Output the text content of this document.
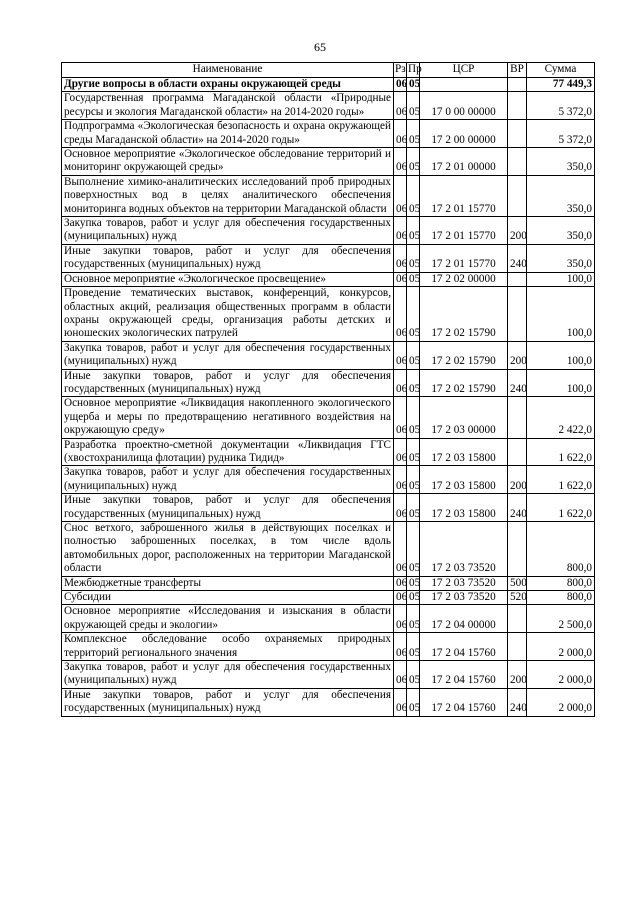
65
Наименование	Рз	Пр	ЦСР	ВР	Сумма
Другие вопросы в области охраны окружающей среды	06	05			77 449,3
Государственная программа Магаданской области «Природные ресурсы и экология Магаданской области» на 2014-2020 годы»	06	05	17 0 00 00000		5 372,0
Подпрограмма «Экологическая безопасность и охрана окружающей среды Магаданской области» на 2014-2020 годы»	06	05	17 2 00 00000		5 372,0
Основное мероприятие «Экологическое обследование территорий и мониторинг окружающей среды»	06	05	17 2 01 00000		350,0
Выполнение химико-аналитических исследований проб природных поверхностных вод в целях аналитического обеспечения мониторинга водных объектов на территории Магаданской области	06	05	17 2 01 15770		350,0
Закупка товаров, работ и услуг для обеспечения государственных (муниципальных) нужд	06	05	17 2 01 15770	200	350,0
Иные закупки товаров, работ и услуг для обеспечения государственных (муниципальных) нужд	06	05	17 2 01 15770	240	350,0
Основное мероприятие «Экологическое просвещение»	06	05	17 2 02 00000		100,0
Проведение тематических выставок, конференций, конкурсов, областных акций, реализация общественных программ в области охраны окружающей среды, организация работы детских и юношеских экологических патрулей	06	05	17 2 02 15790		100,0
Закупка товаров, работ и услуг для обеспечения государственных (муниципальных) нужд	06	05	17 2 02 15790	200	100,0
Иные закупки товаров, работ и услуг для обеспечения государственных (муниципальных) нужд	06	05	17 2 02 15790	240	100,0
Основное мероприятие «Ликвидация накопленного экологического ущерба и меры по предотвращению негативного воздействия на окружающую среду»	06	05	17 2 03 00000		2 422,0
Разработка проектно-сметной документации «Ликвидация ГТС (хвостохранилища флотации) рудника Тидид»	06	05	17 2 03 15800		1 622,0
Закупка товаров, работ и услуг для обеспечения государственных (муниципальных) нужд	06	05	17 2 03 15800	200	1 622,0
Иные закупки товаров, работ и услуг для обеспечения государственных (муниципальных) нужд	06	05	17 2 03 15800	240	1 622,0
Снос ветхого, заброшенного жилья в действующих поселках и полностью заброшенных поселках, в том числе вдоль автомобильных дорог, расположенных на территории Магаданской области	06	05	17 2 03 73520		800,0
Межбюджетные трансферты	06	05	17 2 03 73520	500	800,0
Субсидии	06	05	17 2 03 73520	520	800,0
Основное мероприятие «Исследования и изыскания в области окружающей среды и экологии»	06	05	17 2 04 00000		2 500,0
Комплексное обследование особо охраняемых природных территорий регионального значения	06	05	17 2 04 15760		2 000,0
Закупка товаров, работ и услуг для обеспечения государственных (муниципальных) нужд	06	05	17 2 04 15760	200	2 000,0
Иные закупки товаров, работ и услуг для обеспечения государственных (муниципальных) нужд	06	05	17 2 04 15760	240	2 000,0
